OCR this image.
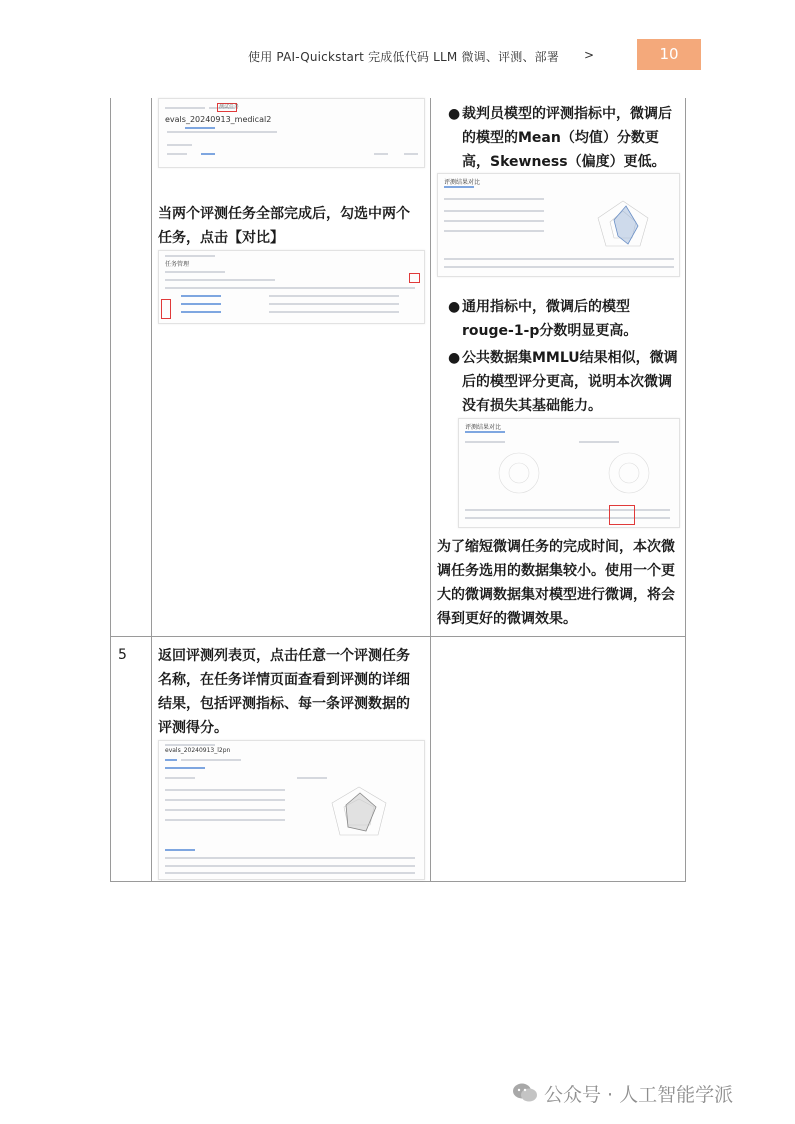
使用 PAI-Quickstart 完成低代码 LLM 微调、评测、部署 >	10
测试任务
evals_20240913_medical2
当两个评测任务全部完成后，勾选中两个任务，点击【对比】
任务管理
● 裁判员模型的评测指标中，微调后的模型的Mean（均值）分数更高，Skewness（偏度）更低。
评测结果对比
● 通用指标中，微调后的模型rouge-1-p分数明显更高。
● 公共数据集MMLU结果相似，微调后的模型评分更高，说明本次微调没有损失其基础能力。
评测结果对比
为了缩短微调任务的完成时间，本次微调任务选用的数据集较小。使用一个更大的微调数据集对模型进行微调，将会得到更好的微调效果。
5 返回评测列表页，点击任意一个评测任务名称，在任务详情页面查看到评测的详细结果，包括评测指标、每一条评测数据的评测得分。
evals_20240913_l2pn
公众号 · 人工智能学派
